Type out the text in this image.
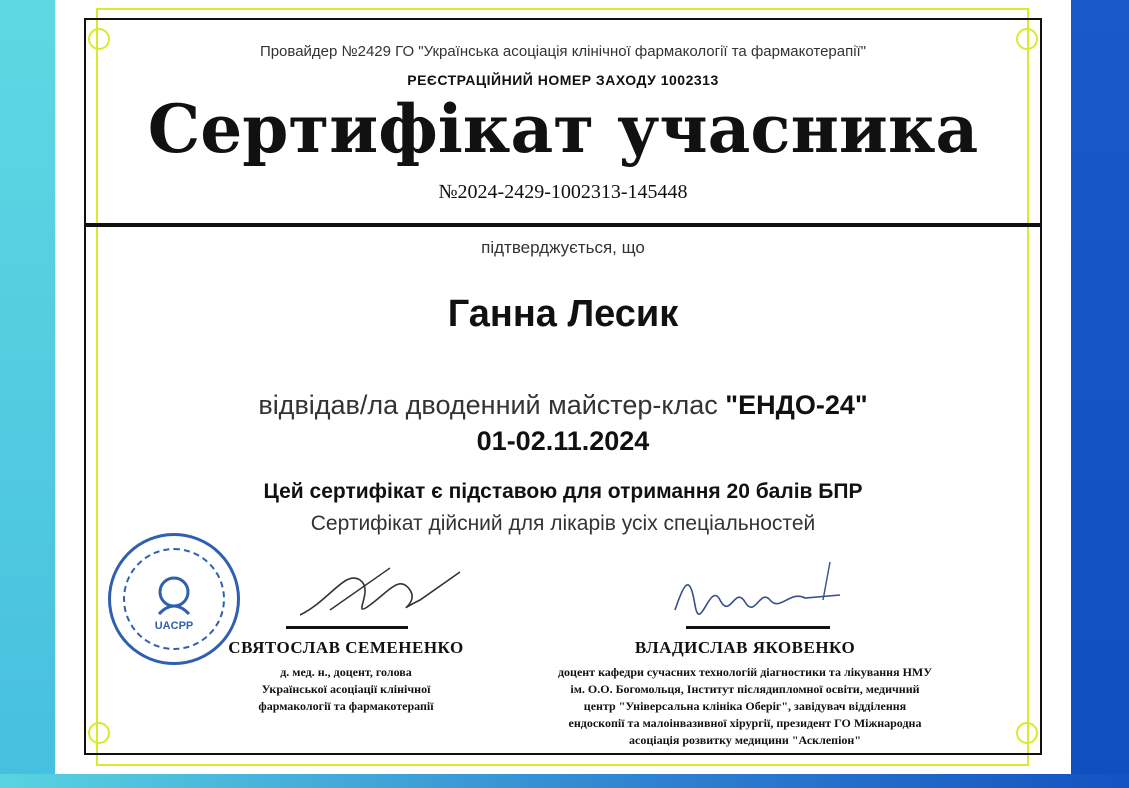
Провайдер №2429 ГО "Українська асоціація клінічної фармакології та фармакотерапії"
РЕЄСТРАЦІЙНИЙ НОМЕР ЗАХОДУ 1002313
Сертифікат учасника
№2024-2429-1002313-145448
підтверджується, що
Ганна Лесик
відвідав/ла дводенний майстер-клас "ЕНДО-24"
01-02.11.2024
Цей сертифікат є підставою для отримання 20 балів БПР
Сертифікат дійсний для лікарів усіх спеціальностей
UACPP
СВЯТОСЛАВ СЕМЕНЕНКО
д. мед. н., доцент, голова
Української асоціації клінічної
фармакології та фармакотерапії
ВЛАДИСЛАВ ЯКОВЕНКО
доцент кафедри сучасних технологій діагностики та лікування НМУ
ім. О.О. Богомольця, Інститут післядипломної освіти, медичний
центр "Універсальна клініка Оберіг", завідувач відділення
ендоскопії та малоінвазивної хірургії, президент ГО Міжнародна
асоціація розвитку медицини "Асклепіон"
